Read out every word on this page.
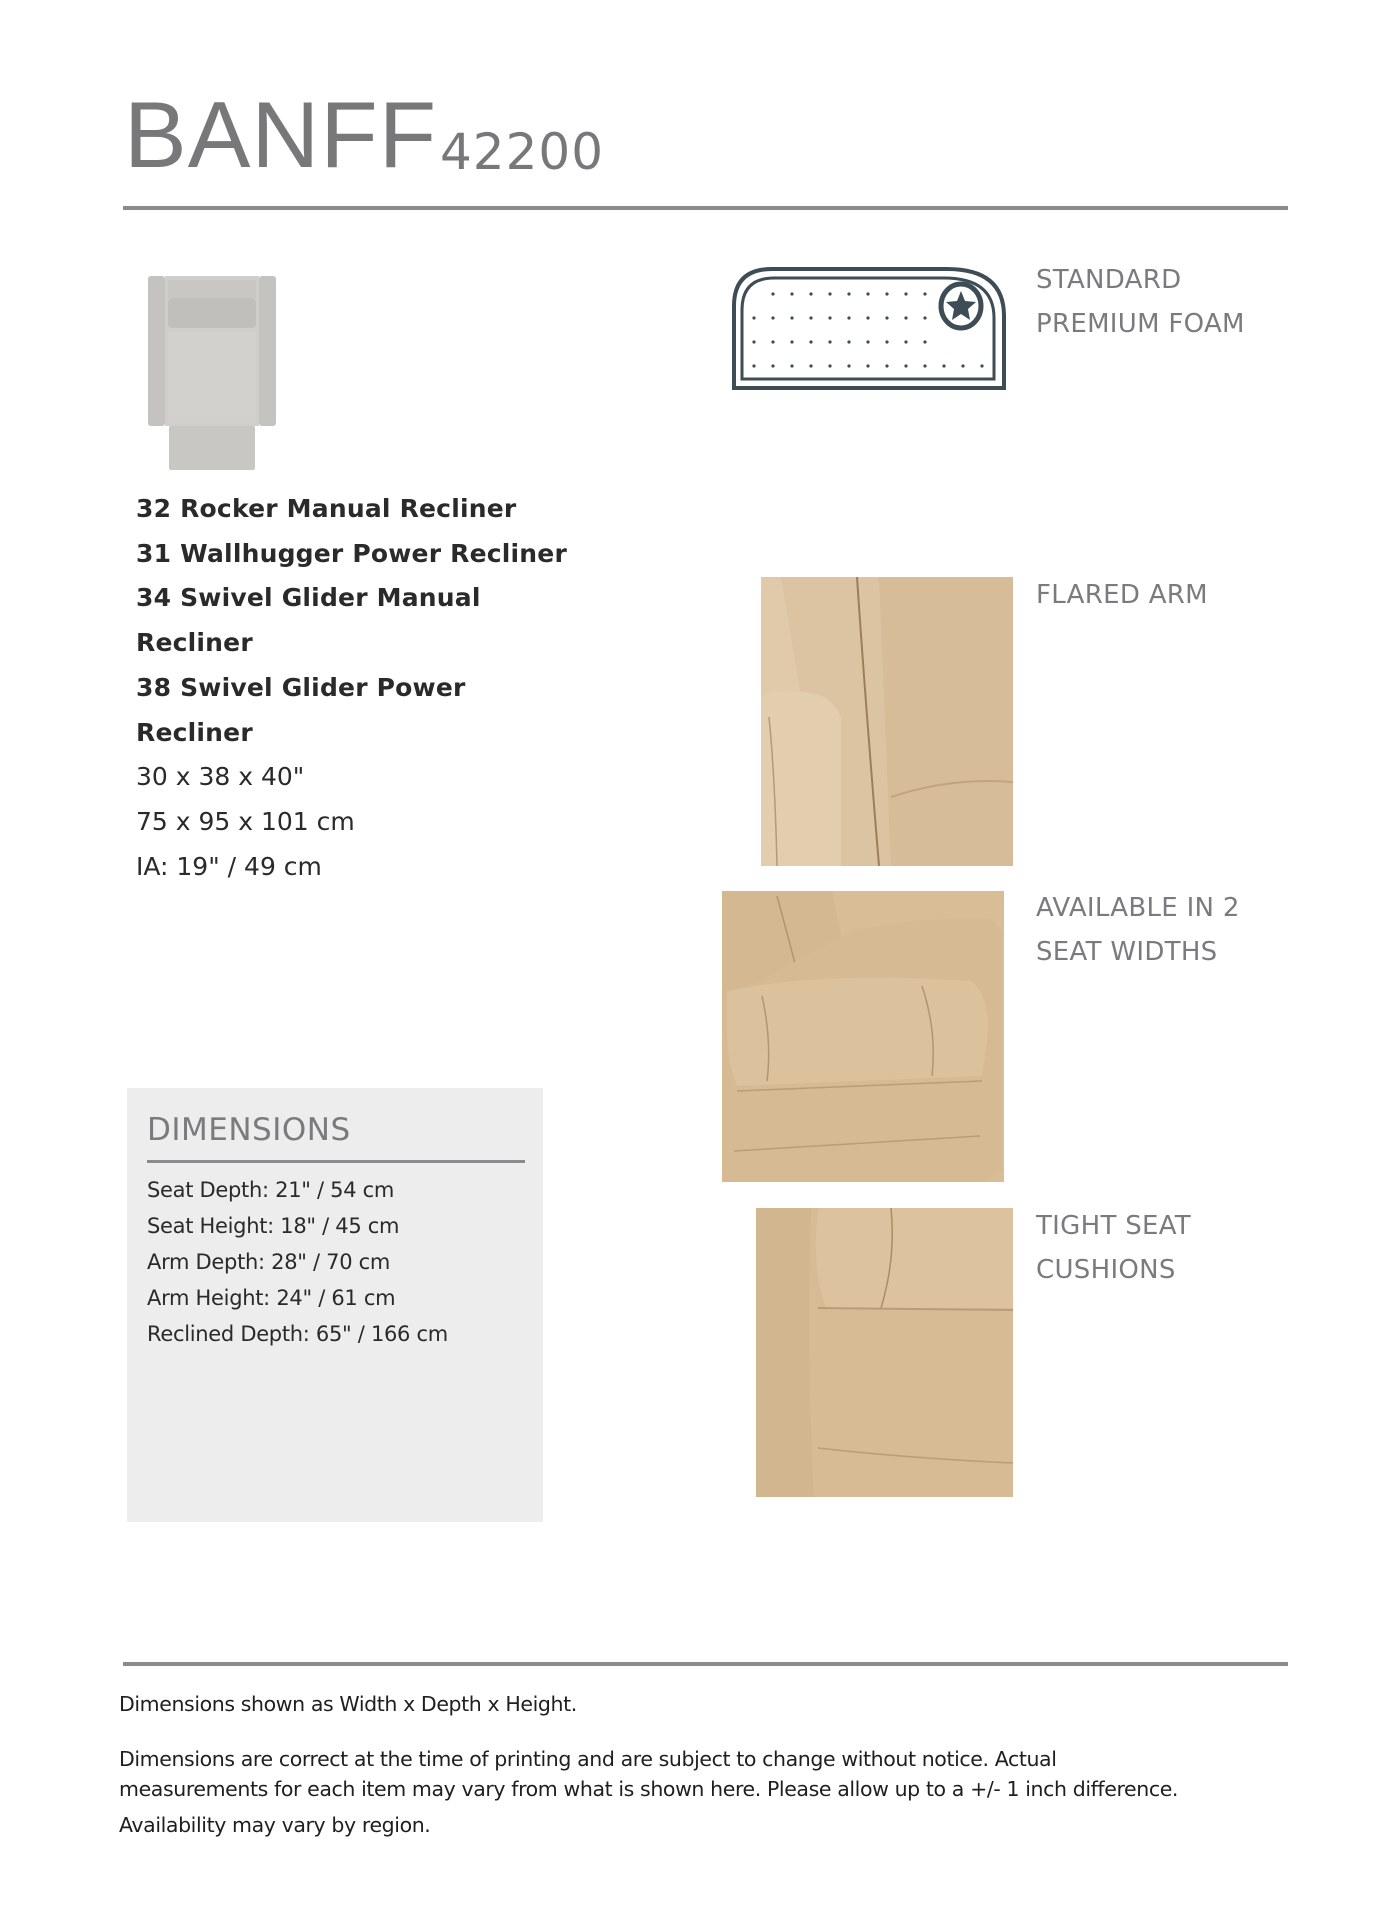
BANFF 42200
32 Rocker Manual Recliner
31 Wallhugger Power Recliner
34 Swivel Glider Manual
Recliner
38 Swivel Glider Power
Recliner
30 x 38 x 40"
75 x 95 x 101 cm
IA: 19" / 49 cm
STANDARD
PREMIUM FOAM
FLARED ARM
AVAILABLE IN 2
SEAT WIDTHS
TIGHT SEAT
CUSHIONS
DIMENSIONS
Seat Depth: 21" / 54 cm
Seat Height: 18" / 45 cm
Arm Depth: 28" / 70 cm
Arm Height: 24" / 61 cm
Reclined Depth: 65" / 166 cm
Dimensions shown as Width x Depth x Height.
Dimensions are correct at the time of printing and are subject to change without notice. Actual
measurements for each item may vary from what is shown here. Please allow up to a +/- 1 inch difference.
Availability may vary by region.
